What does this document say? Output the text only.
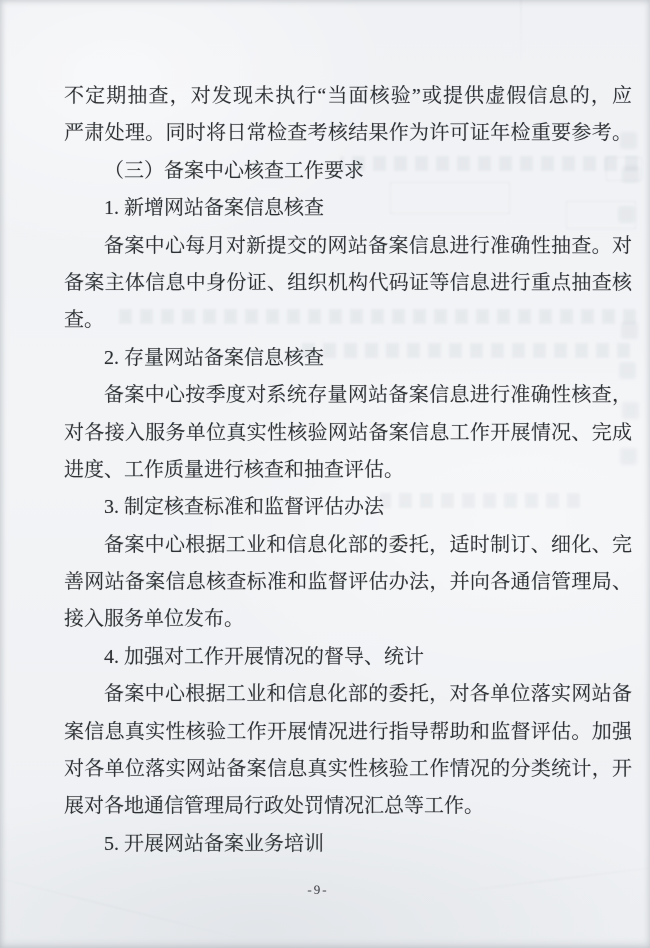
不定期抽查，对发现未执行“当面核验”或提供虚假信息的，应
严肃处理。同时将日常检查考核结果作为许可证年检重要参考。
（三）备案中心核查工作要求
1. 新增网站备案信息核查
备案中心每月对新提交的网站备案信息进行准确性抽查。对
备案主体信息中身份证、组织机构代码证等信息进行重点抽查核
查。
2. 存量网站备案信息核查
备案中心按季度对系统存量网站备案信息进行准确性核查，
对各接入服务单位真实性核验网站备案信息工作开展情况、完成
进度、工作质量进行核查和抽查评估。
3. 制定核查标准和监督评估办法
备案中心根据工业和信息化部的委托，适时制订、细化、完
善网站备案信息核查标准和监督评估办法，并向各通信管理局、
接入服务单位发布。
4. 加强对工作开展情况的督导、统计
备案中心根据工业和信息化部的委托，对各单位落实网站备
案信息真实性核验工作开展情况进行指导帮助和监督评估。加强
对各单位落实网站备案信息真实性核验工作情况的分类统计，开
展对各地通信管理局行政处罚情况汇总等工作。
5. 开展网站备案业务培训
-9-
